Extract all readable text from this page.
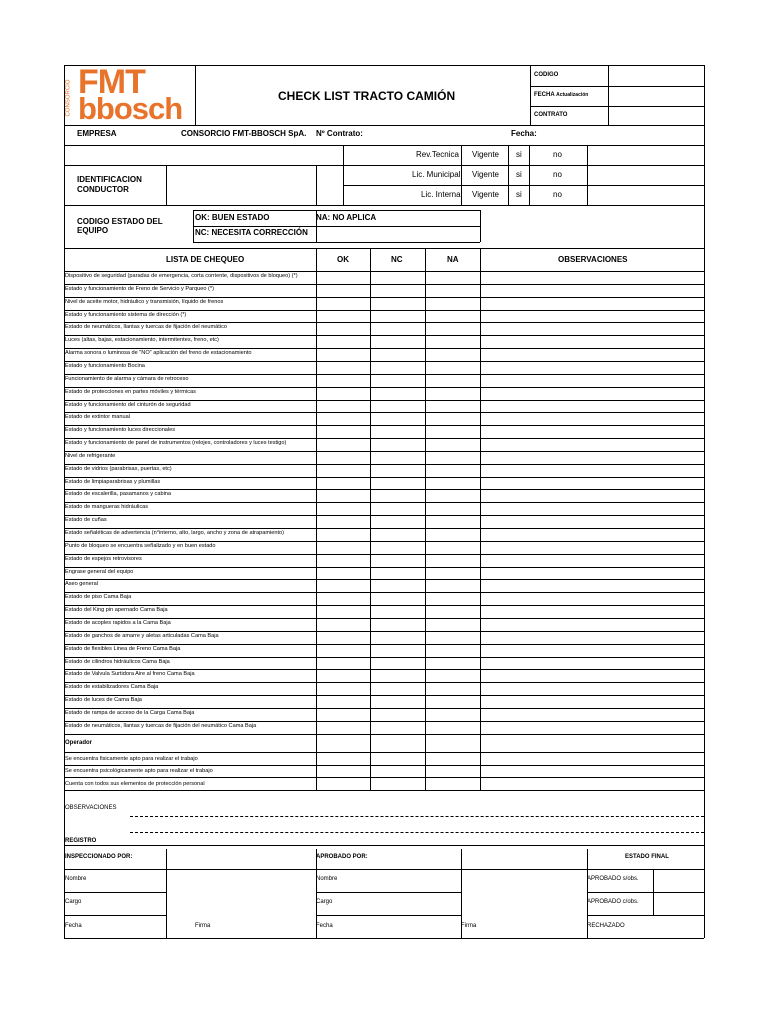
FMT
bbosch
CONSORCIO	CHECK LIST TRACTO CAMIÓN
CODIGO
FECHA Actualización
CONTRATO
EMPRESA	CONSORCIO FMT-BBOSCH SpA. Nº Contrato:	Fecha:
IDENTIFICACION
CONDUCTOR
Rev.Tecnica Vigente si	no
Lic. Municipal Vigente si	no
Lic. Interna Vigente si	no
CODIGO ESTADO DEL
EQUIPO
OK: BUEN ESTADO	NA: NO APLICA
NC: NECESITA CORRECCIÓN
LISTA DE CHEQUEO	OK	NC	NA	OBSERVACIONES
Dispositivo de seguridad (paradas de emergencia, corta corriente, dispositivos de bloqueo) (*)
Estado y funcionamiento de Freno de Servicio y Parqueo (*)
Nivel de aceite motor, hidráulico y transmisión, líquido de frenos
Estado y funcionamiento sistema de dirección (*)
Estado de neumáticos, llantas y tuercas de fijación del neumático
Luces (altas, bajas, estacionamiento, intermitentes, freno, etc)
Alarma sonora o luminosa de "NO" aplicación del freno de estacionamiento
Estado y funcionamiento Bocina
Funcionamiento de alarma y cámara de retroceso
Estado de protecciones en partes móviles y térmicas
Estado y funcionamiento del cinturón de seguridad
Estado de extintor manual
Estado y funcionamiento luces direccionales
Estado y funcionamiento de panel de instrumentos (relojes, controladores y luces testigo)
Nivel de refrigerante
Estado de vidrios (parabrisas, puertas, etc)
Estado de limpiaparabrisas y plumillas
Estado de escalerilla, pasamanos y cabina
Estado de mangueras hidráulicas
Estado de cuñas
Estado señaléticas de advertencia (n°interno, alto, largo, ancho y zona de atrapamiento)
Punto de bloqueo se encuentra señalizado y en buen estado
Estado de espejos retrovisores
Engrase general del equipo
Aseo general
Estado de piso Cama Baja
Estado del King pin apernado Cama Baja
Estado de acoples rapidos a la Cama Baja
Estado de ganchos de amarre y aletas articuladas Cama Baja
Estado de flexibles Linea de Freno Cama Baja
Estado de cilindros hidráulicos Cama Baja
Estado de Valvula Surtidora Aire al freno Cama Baja
Estado de estabilizadores Cama Baja
Estado de luces de Cama Baja
Estado de rampa de acceso de la Carga Cama Baja
Estado de neumáticos, llantas y tuercas de fijación del neumático Cama Baja
Operador
Se encuentra fisicamente apto para realizar el trabajo
Se encuentra psicológicamente apto para realizar el trabajo
Cuenta con todos sus elementos de protección personal
OBSERVACIONES
REGISTRO
INSPECCIONADO POR:	APROBADO POR:	ESTADO FINAL
Nombre	Nombre	APROBADO s/obs.
Cargo	Cargo	APROBADO c/obs.
Fecha	Firma	Fecha	Firma	RECHAZADO
